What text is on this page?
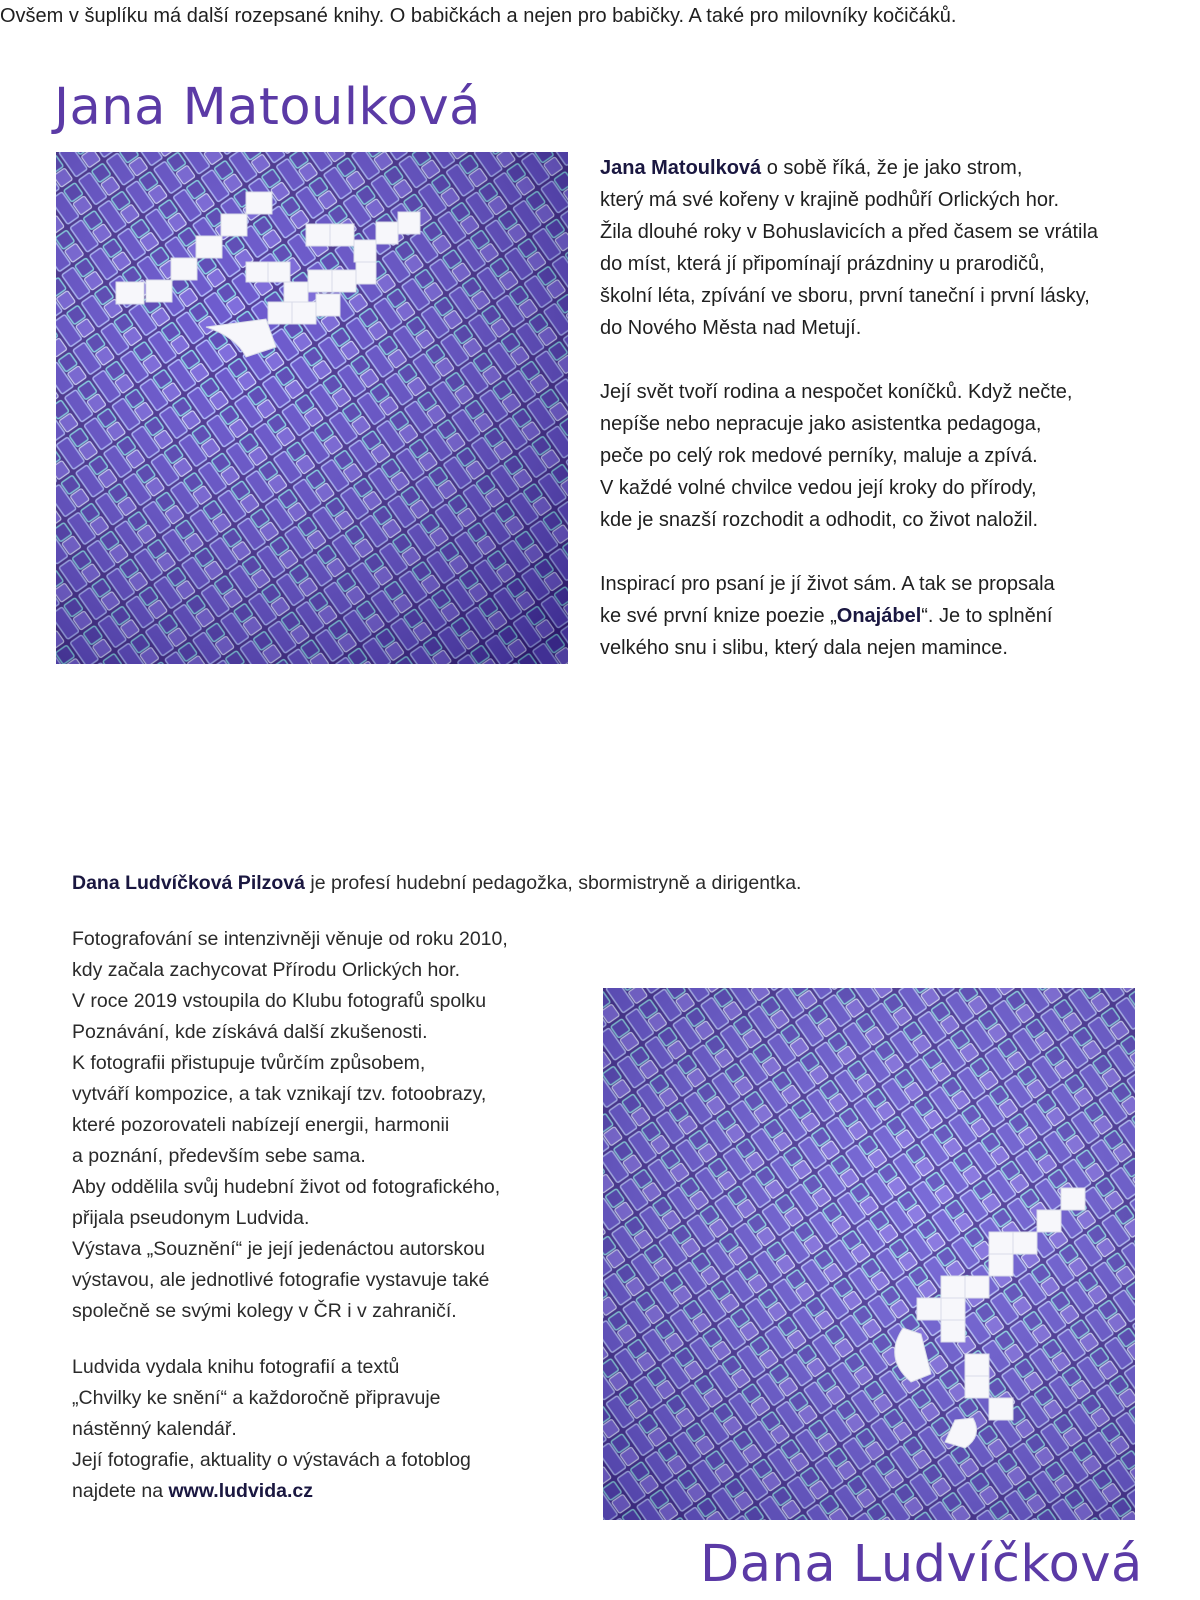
Jana Matoulková

Jana Matoulková o sobě říká, že je jako strom,
který má své kořeny v krajině podhůří Orlických hor.
Žila dlouhé roky v Bohuslavicích a před časem se vrátila
do míst, která jí připomínají prázdniny u prarodičů,
školní léta, zpívání ve sboru, první taneční i první lásky,
do Nového Města nad Metují.

Její svět tvoří rodina a nespočet koníčků. Když nečte,
nepíše nebo nepracuje jako asistentka pedagoga,
peče po celý rok medové perníky, maluje a zpívá.
V každé volné chvilce vedou její kroky do přírody,
kde je snazší rozchodit a odhodit, co život naložil.

Inspirací pro psaní je jí život sám. A tak se propsala
ke své první knize poezie „Onajábel“. Je to splnění
velkého snu i slibu, který dala nejen mamince.

Ovšem v šuplíku má další rozepsané knihy. O babičkách a nejen pro babičky. A také pro milovníky kočičáků.

Dana Ludvíčková Pilzová je profesí hudební pedagožka, sbormistryně a dirigentka.

Fotografování se intenzivněji věnuje od roku 2010,
kdy začala zachycovat Přírodu Orlických hor.
V roce 2019 vstoupila do Klubu fotografů spolku
Poznávání, kde získává další zkušenosti.
K fotografii přistupuje tvůrčím způsobem,
vytváří kompozice, a tak vznikají tzv. fotoobrazy,
které pozorovateli nabízejí energii, harmonii
a poznání, především sebe sama.
Aby oddělila svůj hudební život od fotografického,
přijala pseudonym Ludvida.
Výstava „Souznění“ je její jedenáctou autorskou
výstavou, ale jednotlivé fotografie vystavuje také
společně se svými kolegy v ČR i v zahraničí.

Ludvida vydala knihu fotografií a textů
„Chvilky ke snění“ a každoročně připravuje
nástěnný kalendář.
Její fotografie, aktuality o výstavách a fotoblog
najdete na www.ludvida.cz

Dana Ludvíčková
